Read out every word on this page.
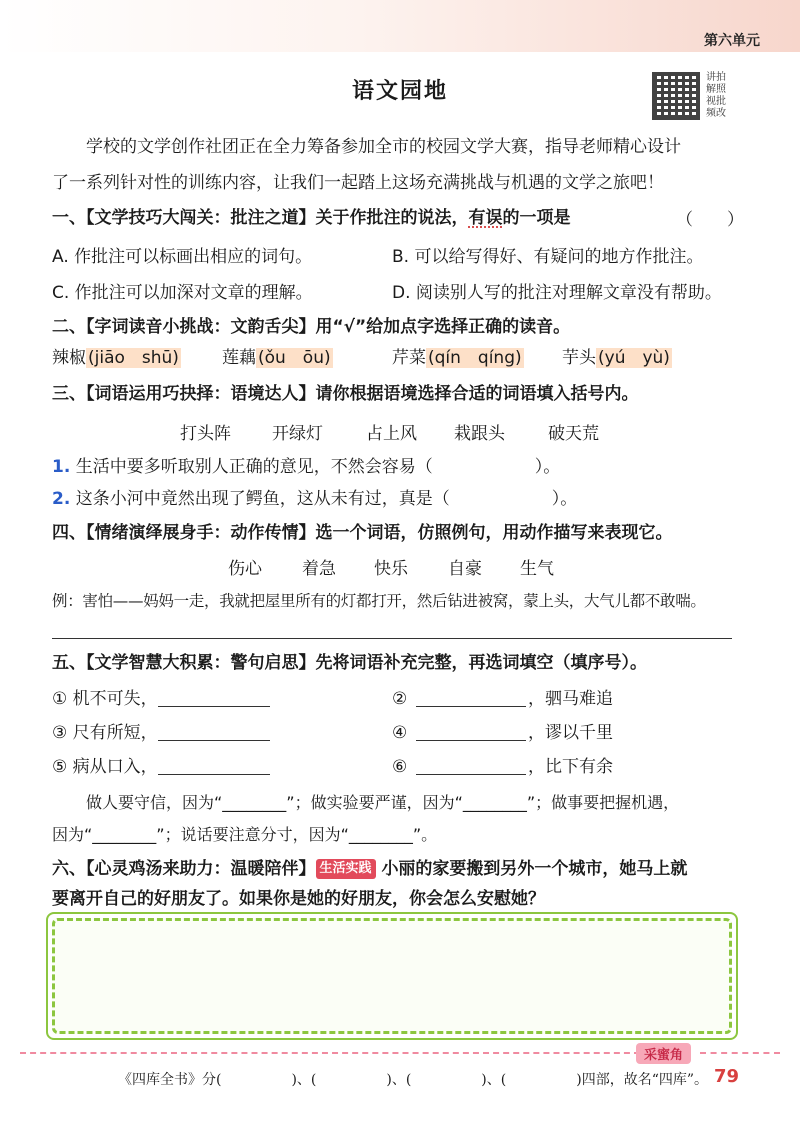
第六单元
语文园地
讲拍解照视批频改
学校的文学创作社团正在全力筹备参加全市的校园文学大赛，指导老师精心设计
了一系列针对性的训练内容，让我们一起踏上这场充满挑战与机遇的文学之旅吧！
一、【文学技巧大闯关：批注之道】关于作批注的说法，有误的一项是	（　　）
A. 作批注可以标画出相应的词句。	B. 可以给写得好、有疑问的地方作批注。
C. 作批注可以加深对文章的理解。	D. 阅读别人写的批注对理解文章没有帮助。
二、【字词读音小挑战：文韵舌尖】用“√”给加点字选择正确的读音。
辣椒 (jiāo　shū)	莲藕 (ǒu　ōu)	芹菜 (qín　qíng) 芋头 (yú　yù)
三、【词语运用巧抉择：语境达人】请你根据语境选择合适的词语填入括号内。
打头阵 开绿灯	占上风 栽跟头	破天荒
1. 生活中要多听取别人正确的意见，不然会容易（　　　　　　）。
2. 这条小河中竟然出现了鳄鱼，这从未有过，真是（　　　　　　）。
四、【情绪演绎展身手：动作传情】选一个词语，仿照例句，用动作描写来表现它。
伤心 着急 快乐 自豪 生气
例：害怕——妈妈一走，我就把屋里所有的灯都打开，然后钻进被窝，蒙上头，大气儿都不敢喘。
五、【文学智慧大积累：警句启思】先将词语补充完整，再选词填空（填序号）。
① 机不可失，	②	，驷马难追
③ 尺有所短，	④	，谬以千里
⑤ 病从口入，	⑥	，比下有余
做人要守信，因为“________”；做实验要严谨，因为“________”；做事要把握机遇，
因为“________”；说话要注意分寸，因为“________”。
六、【心灵鸡汤来助力：温暖陪伴】 生活实践 小丽的家要搬到另外一个城市，她马上就
要离开自己的好朋友了。如果你是她的好朋友，你会怎么安慰她？
采蜜角
《四库全书》分(　　　　　)、(　　　　　)、(　　　　　)、(　　　　　)四部，故名“四库”。 79
